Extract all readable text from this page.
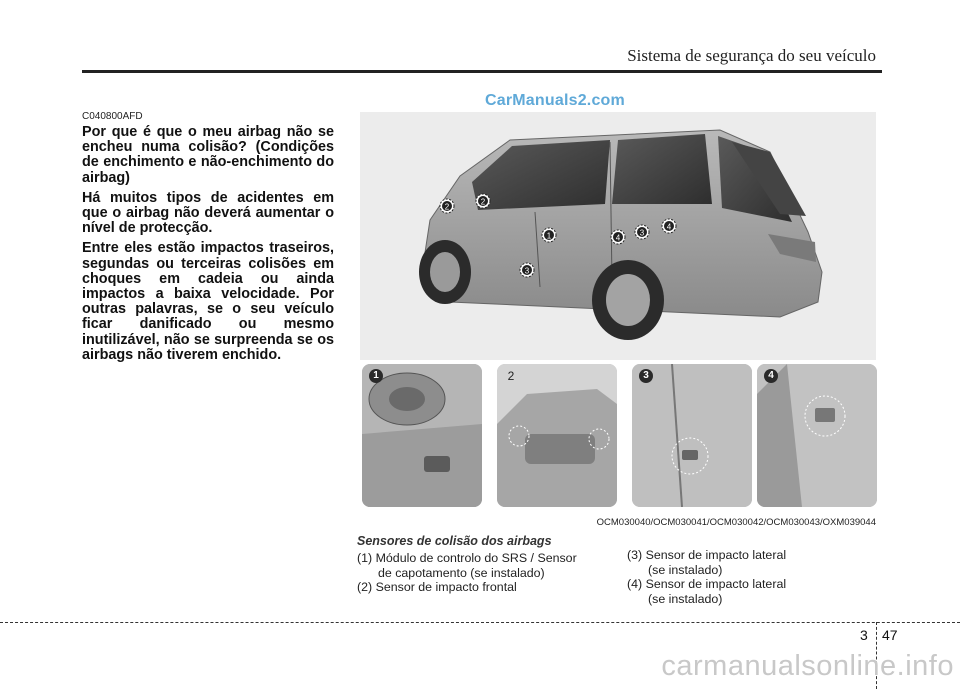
Sistema de segurança do seu veículo
CarManuals2.com
C040800AFD

Por que é que o meu airbag não se encheu numa colisão? (Condições de enchimento e não-enchimento do airbag)

Há muitos tipos de acidentes em que o airbag não deverá aumentar o nível de protecção.

Entre eles estão impactos traseiros, segundas ou terceiras colisões em choques em cadeia ou ainda impactos a baixa velocidade. Por outras palavras, se o seu veículo ficar danificado ou mesmo inutilizável, não se surpreenda se os airbags não tiverem enchido.

2
2
1	4
3
4
3
1	2	3	4
OCM030040/OCM030041/OCM030042/OCM030043/OXM039044
Sensores de colisão dos airbags
(1) Módulo de controlo do SRS / Sensor
de capotamento (se instalado)
(2) Sensor de impacto frontal
(3) Sensor de impacto lateral
(se instalado)
(4) Sensor de impacto lateral
(se instalado)
3 47
carmanualsonline.info
